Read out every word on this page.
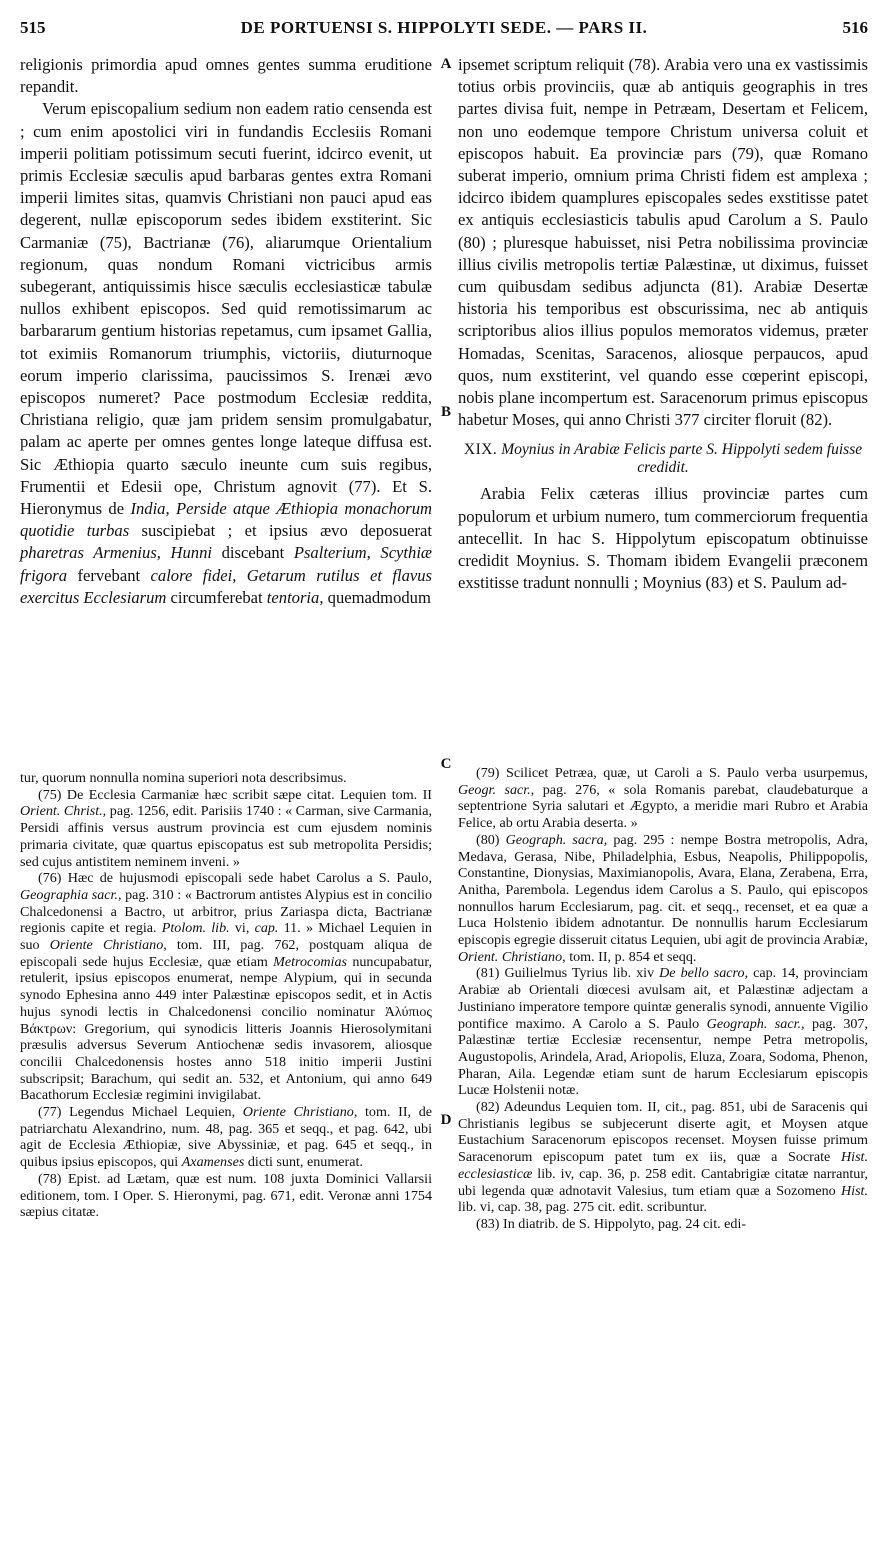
515	DE PORTUENSI S. HIPPOLYTI SEDE. — PARS II.	516
A
B
C
D

religionis primordia apud omnes gentes summa eruditione repandit.

Verum episcopalium sedium non eadem ratio censenda est ; cum enim apostolici viri in fundandis Ecclesiis Romani imperii politiam potissimum secuti fuerint, idcirco evenit, ut primis Ecclesiæ sæculis apud barbaras gentes extra Romani imperii limites sitas, quamvis Christiani non pauci apud eas degerent, nullæ episcoporum sedes ibidem exstiterint. Sic Carmaniæ (75), Bactrianæ (76), aliarumque Orientalium regionum, quas nondum Romani victricibus armis subegerant, antiquissimis hisce sæculis ecclesiasticæ tabulæ nullos exhibent episcopos. Sed quid remotissimarum ac barbararum gentium historias repetamus, cum ipsamet Gallia, tot eximiis Romanorum triumphis, victoriis, diuturnoque eorum imperio clarissima, paucissimos S. Irenæi ævo episcopos numeret? Pace postmodum Ecclesiæ reddita, Christiana religio, quæ jam pridem sensim promulgabatur, palam ac aperte per omnes gentes longe lateque diffusa est. Sic Æthiopia quarto sæculo ineunte cum suis regibus, Frumentii et Edesii ope, Christum agnovit (77). Et S. Hieronymus de India, Perside atque Æthiopia monachorum quotidie turbas suscipiebat ; et ipsius ævo deposuerat pharetras Armenius, Hunni discebant Psalterium, Scythiæ frigora fervebant calore fidei, Getarum rutilus et flavus exercitus Ecclesiarum circumferebat tentoria, quemadmodum

ipsemet scriptum reliquit (78). Arabia vero una ex vastissimis totius orbis provinciis, quæ ab antiquis geographis in tres partes divisa fuit, nempe in Petræam, Desertam et Felicem, non uno eodemque tempore Christum universa coluit et episcopos habuit. Ea provinciæ pars (79), quæ Romano suberat imperio, omnium prima Christi fidem est amplexa ; idcirco ibidem quamplures episcopales sedes exstitisse patet ex antiquis ecclesiasticis tabulis apud Carolum a S. Paulo (80) ; pluresque habuisset, nisi Petra nobilissima provinciæ illius civilis metropolis tertiæ Palæstinæ, ut diximus, fuisset cum quibusdam sedibus adjuncta (81). Arabiæ Desertæ historia his temporibus est obscurissima, nec ab antiquis scriptoribus alios illius populos memoratos videmus, præter Homadas, Scenitas, Saracenos, aliosque perpaucos, apud quos, num exstiterint, vel quando esse cœperint episcopi, nobis plane incompertum est. Saracenorum primus episcopus habetur Moses, qui anno Christi 377 circiter floruit (82).

XIX. Moynius in Arabiæ Felicis parte S. Hippolyti sedem fuisse credidit.

Arabia Felix cæteras illius provinciæ partes cum populorum et urbium numero, tum commerciorum frequentia antecellit. In hac S. Hippolytum episcopatum obtinuisse credidit Moynius. S. Thomam ibidem Evangelii præconem exstitisse tradunt nonnulli ; Moynius (83) et S. Paulum ad-

tur, quorum nonnulla nomina superiori nota describsimus.

(75) De Ecclesia Carmaniæ hæc scribit sæpe citat. Lequien tom. II Orient. Christ., pag. 1256, edit. Parisiis 1740 : « Carman, sive Carmania, Persidi affinis versus austrum provincia est cum ejusdem nominis primaria civitate, quæ quartus episcopatus est sub metropolita Persidis; sed cujus antistitem neminem inveni. »

(76) Hæc de hujusmodi episcopali sede habet Carolus a S. Paulo, Geographia sacr., pag. 310 : « Bactrorum antistes Alypius est in concilio Chalcedonensi a Bactro, ut arbitror, prius Zariaspa dicta, Bactrianæ regionis capite et regia. Ptolom. lib. vi, cap. 11. » Michael Lequien in suo Oriente Christiano, tom. III, pag. 762, postquam aliqua de episcopali sede hujus Ecclesiæ, quæ etiam Metrocomias nuncupabatur, retulerit, ipsius episcopos enumerat, nempe Alypium, qui in secunda synodo Ephesina anno 449 inter Palæstinæ episcopos sedit, et in Actis hujus synodi lectis in Chalcedonensi concilio nominatur Ἀλύπιος Βάκτρων: Gregorium, qui synodicis litteris Joannis Hierosolymitani præsulis adversus Severum Antiochenæ sedis invasorem, aliosque concilii Chalcedonensis hostes anno 518 initio imperii Justini subscripsit; Barachum, qui sedit an. 532, et Antonium, qui anno 649 Bacathorum Ecclesiæ regimini invigilabat.

(77) Legendus Michael Lequien, Oriente Christiano, tom. II, de patriarchatu Alexandrino, num. 48, pag. 365 et seqq., et pag. 642, ubi agit de Ecclesia Æthiopiæ, sive Abyssiniæ, et pag. 645 et seqq., in quibus ipsius episcopos, qui Axamenses dicti sunt, enumerat.

(78) Epist. ad Lætam, quæ est num. 108 juxta Dominici Vallarsii editionem, tom. I Oper. S. Hieronymi, pag. 671, edit. Veronæ anni 1754 sæpius citatæ.

(79) Scilicet Petræa, quæ, ut Caroli a S. Paulo verba usurpemus, Geogr. sacr., pag. 276, « sola Romanis parebat, claudebaturque a septentrione Syria salutari et Ægypto, a meridie mari Rubro et Arabia Felice, ab ortu Arabia deserta. »

(80) Geograph. sacra, pag. 295 : nempe Bostra metropolis, Adra, Medava, Gerasa, Nibe, Philadelphia, Esbus, Neapolis, Philippopolis, Constantine, Dionysias, Maximianopolis, Avara, Elana, Zerabena, Erra, Anitha, Parembola. Legendus idem Carolus a S. Paulo, qui episcopos nonnullos harum Ecclesiarum, pag. cit. et seqq., recenset, et ea quæ a Luca Holstenio ibidem adnotantur. De nonnullis harum Ecclesiarum episcopis egregie disseruit citatus Lequien, ubi agit de provincia Arabiæ, Orient. Christiano, tom. II, p. 854 et seqq.

(81) Guilielmus Tyrius lib. xiv De bello sacro, cap. 14, provinciam Arabiæ ab Orientali diœcesi avulsam ait, et Palæstinæ adjectam a Justiniano imperatore tempore quintæ generalis synodi, annuente Vigilio pontifice maximo. A Carolo a S. Paulo Geograph. sacr., pag. 307, Palæstinæ tertiæ Ecclesiæ recensentur, nempe Petra metropolis, Augustopolis, Arindela, Arad, Ariopolis, Eluza, Zoara, Sodoma, Phenon, Pharan, Aila. Legendæ etiam sunt de harum Ecclesiarum episcopis Lucæ Holstenii notæ.

(82) Adeundus Lequien tom. II, cit., pag. 851, ubi de Saracenis qui Christianis legibus se subjecerunt diserte agit, et Moysen atque Eustachium Saracenorum episcopos recenset. Moysen fuisse primum Saracenorum episcopum patet tum ex iis, quæ a Socrate Hist. ecclesiasticæ lib. iv, cap. 36, p. 258 edit. Cantabrigiæ citatæ narrantur, ubi legenda quæ adnotavit Valesius, tum etiam quæ a Sozomeno Hist. lib. vi, cap. 38, pag. 275 cit. edit. scribuntur.

(83) In diatrib. de S. Hippolyto, pag. 24 cit. edi-
